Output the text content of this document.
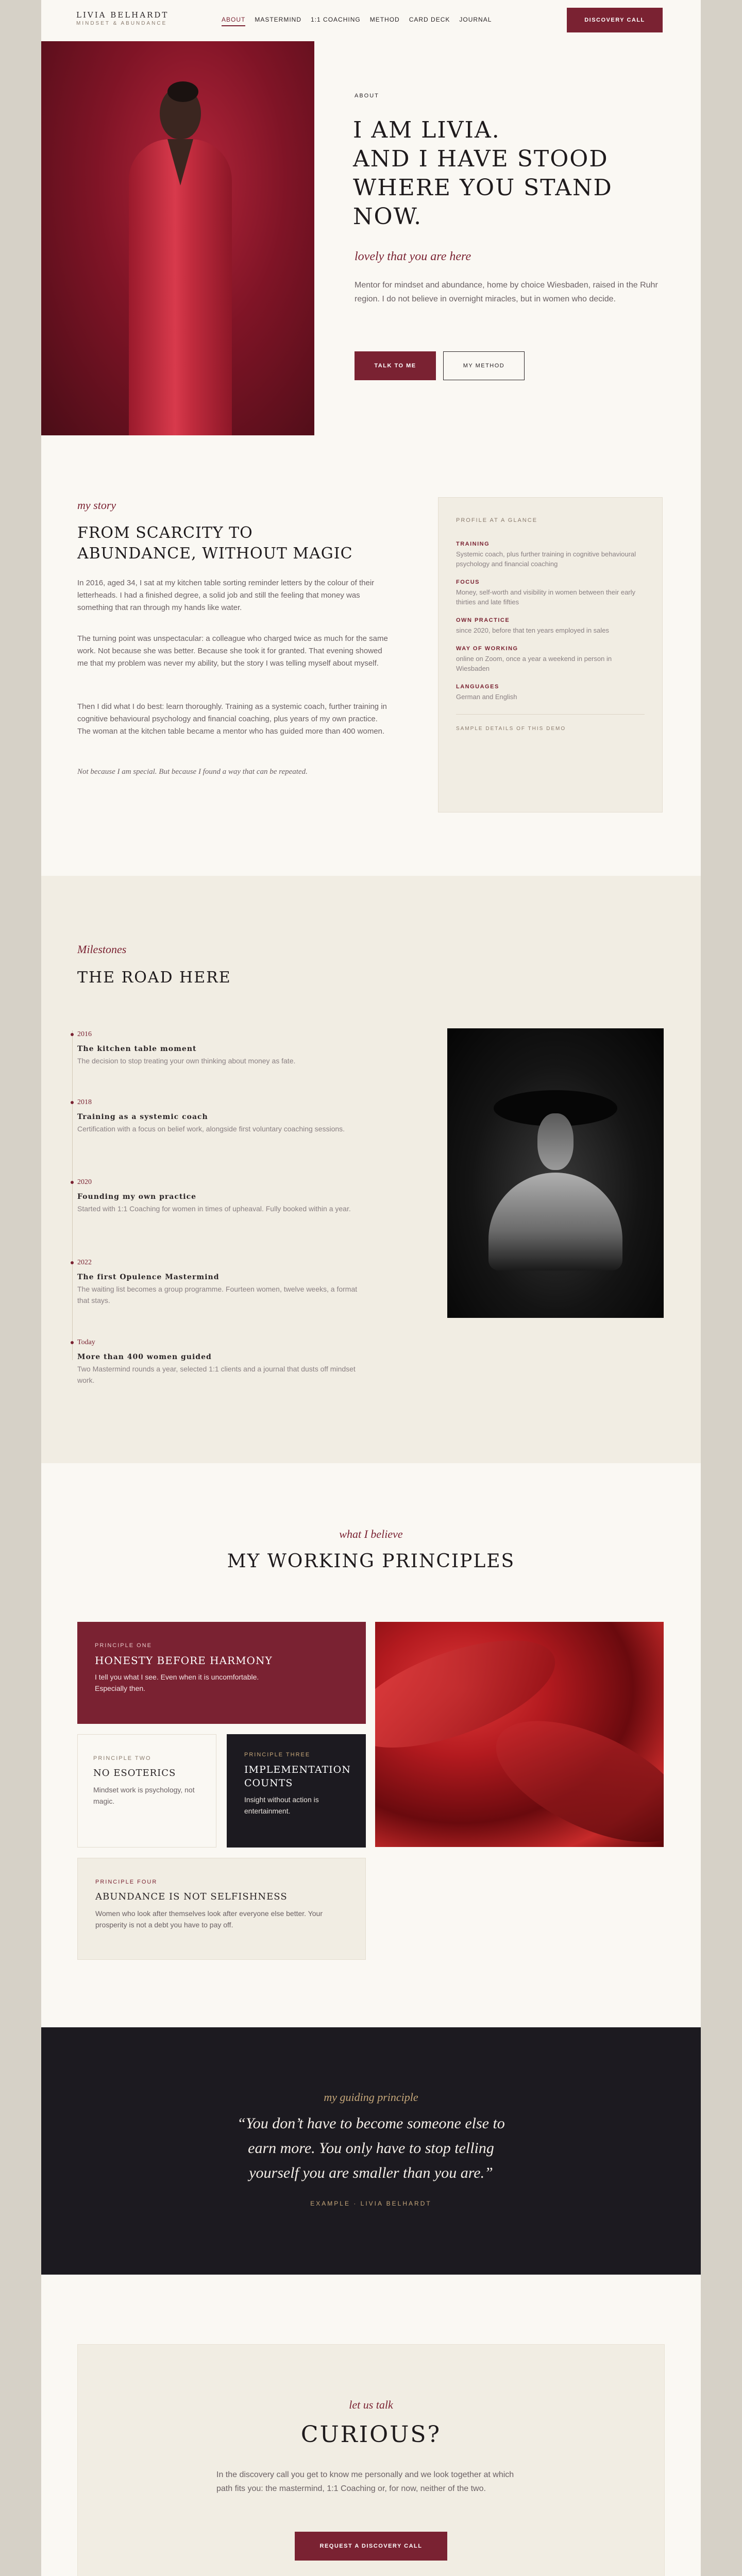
LIVIA BELHARDT
MINDSET & ABUNDANCE
ABOUT MASTERMIND 1:1 COACHING METHOD CARD DECK JOURNAL	DISCOVERY CALL
ABOUT
I AM LIVIA.
AND I HAVE STOOD
WHERE YOU STAND
NOW.
lovely that you are here
Mentor for mindset and abundance, home by choice Wiesbaden, raised in the Ruhr region. I do not believe in overnight miracles, but in women who decide.
TALK TO ME	MY METHOD
my story
FROM SCARCITY TO
ABUNDANCE, WITHOUT MAGIC
In 2016, aged 34, I sat at my kitchen table sorting reminder letters by the colour of their letterheads. I had a finished degree, a solid job and still the feeling that money was something that ran through my hands like water.
The turning point was unspectacular: a colleague who charged twice as much for the same work. Not because she was better. Because she took it for granted. That evening showed me that my problem was never my ability, but the story I was telling myself about myself.
Then I did what I do best: learn thoroughly. Training as a systemic coach, further training in cognitive behavioural psychology and financial coaching, plus years of my own practice. The woman at the kitchen table became a mentor who has guided more than 400 women.
Not because I am special. But because I found a way that can be repeated.
PROFILE AT A GLANCE
TRAINING
Systemic coach, plus further training in cognitive behavioural psychology and financial coaching
FOCUS
Money, self-worth and visibility in women between their early thirties and late fifties
OWN PRACTICE
since 2020, before that ten years employed in sales
WAY OF WORKING
online on Zoom, once a year a weekend in person in Wiesbaden
LANGUAGES
German and English
SAMPLE DETAILS OF THIS DEMO
Milestones
THE ROAD HERE
2016
The kitchen table moment
The decision to stop treating your own thinking about money as fate.
2018
Training as a systemic coach
Certification with a focus on belief work, alongside first voluntary coaching sessions.
2020
Founding my own practice
Started with 1:1 Coaching for women in times of upheaval. Fully booked within a year.
2022
The first Opulence Mastermind
The waiting list becomes a group programme. Fourteen women, twelve weeks, a format that stays.
Today
More than 400 women guided
Two Mastermind rounds a year, selected 1:1 clients and a journal that dusts off mindset work.
what I believe
MY WORKING PRINCIPLES
PRINCIPLE ONE
HONESTY BEFORE HARMONY
I tell you what I see. Even when it is uncomfortable. Especially then.
PRINCIPLE TWO
NO ESOTERICS
Mindset work is psychology, not magic.
PRINCIPLE THREE
IMPLEMENTATION COUNTS
Insight without action is entertainment.
PRINCIPLE FOUR
ABUNDANCE IS NOT SELFISHNESS
Women who look after themselves look after everyone else better. Your prosperity is not a debt you have to pay off.
my guiding principle
“You don’t have to become someone else to
earn more. You only have to stop telling
yourself you are smaller than you are.”
EXAMPLE · LIVIA BELHARDT
let us talk
CURIOUS?
In the discovery call you get to know me personally and we look together at which path fits you: the mastermind, 1:1 Coaching or, for now, neither of the two.
REQUEST A DISCOVERY CALL
